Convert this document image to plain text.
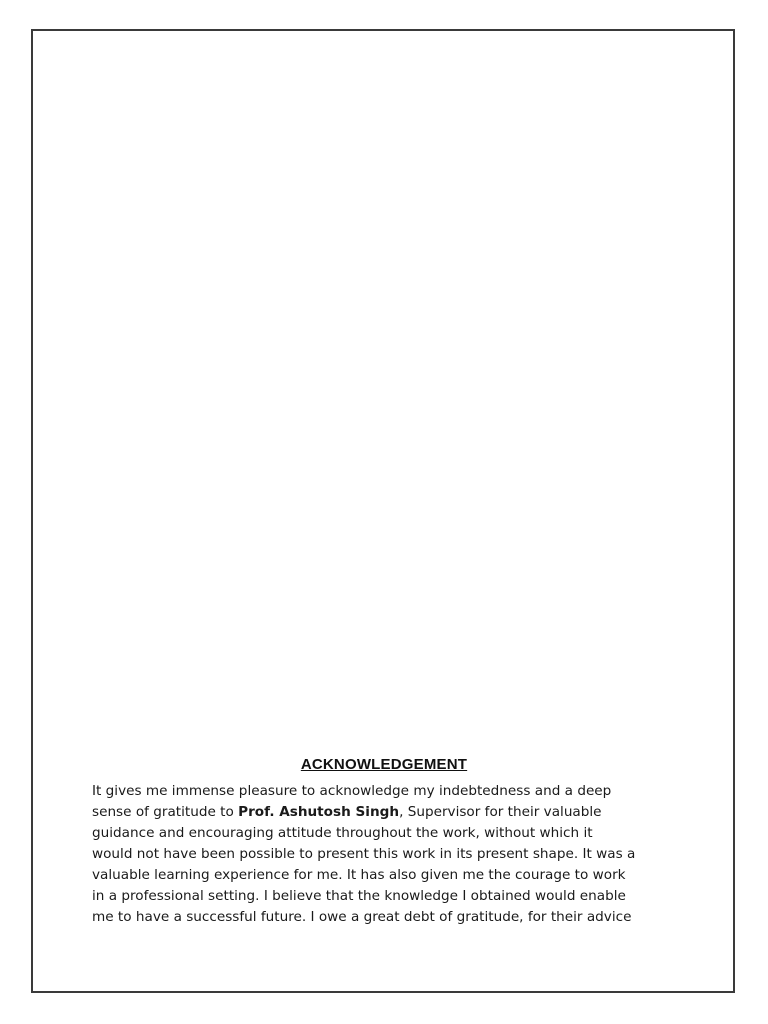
ACKNOWLEDGEMENT
It gives me immense pleasure to acknowledge my indebtedness and a deep
sense of gratitude to Prof. Ashutosh Singh, Supervisor for their valuable
guidance and encouraging attitude throughout the work, without which it
would not have been possible to present this work in its present shape. It was a
valuable learning experience for me. It has also given me the courage to work
in a professional setting. I believe that the knowledge I obtained would enable
me to have a successful future. I owe a great debt of gratitude, for their advice
